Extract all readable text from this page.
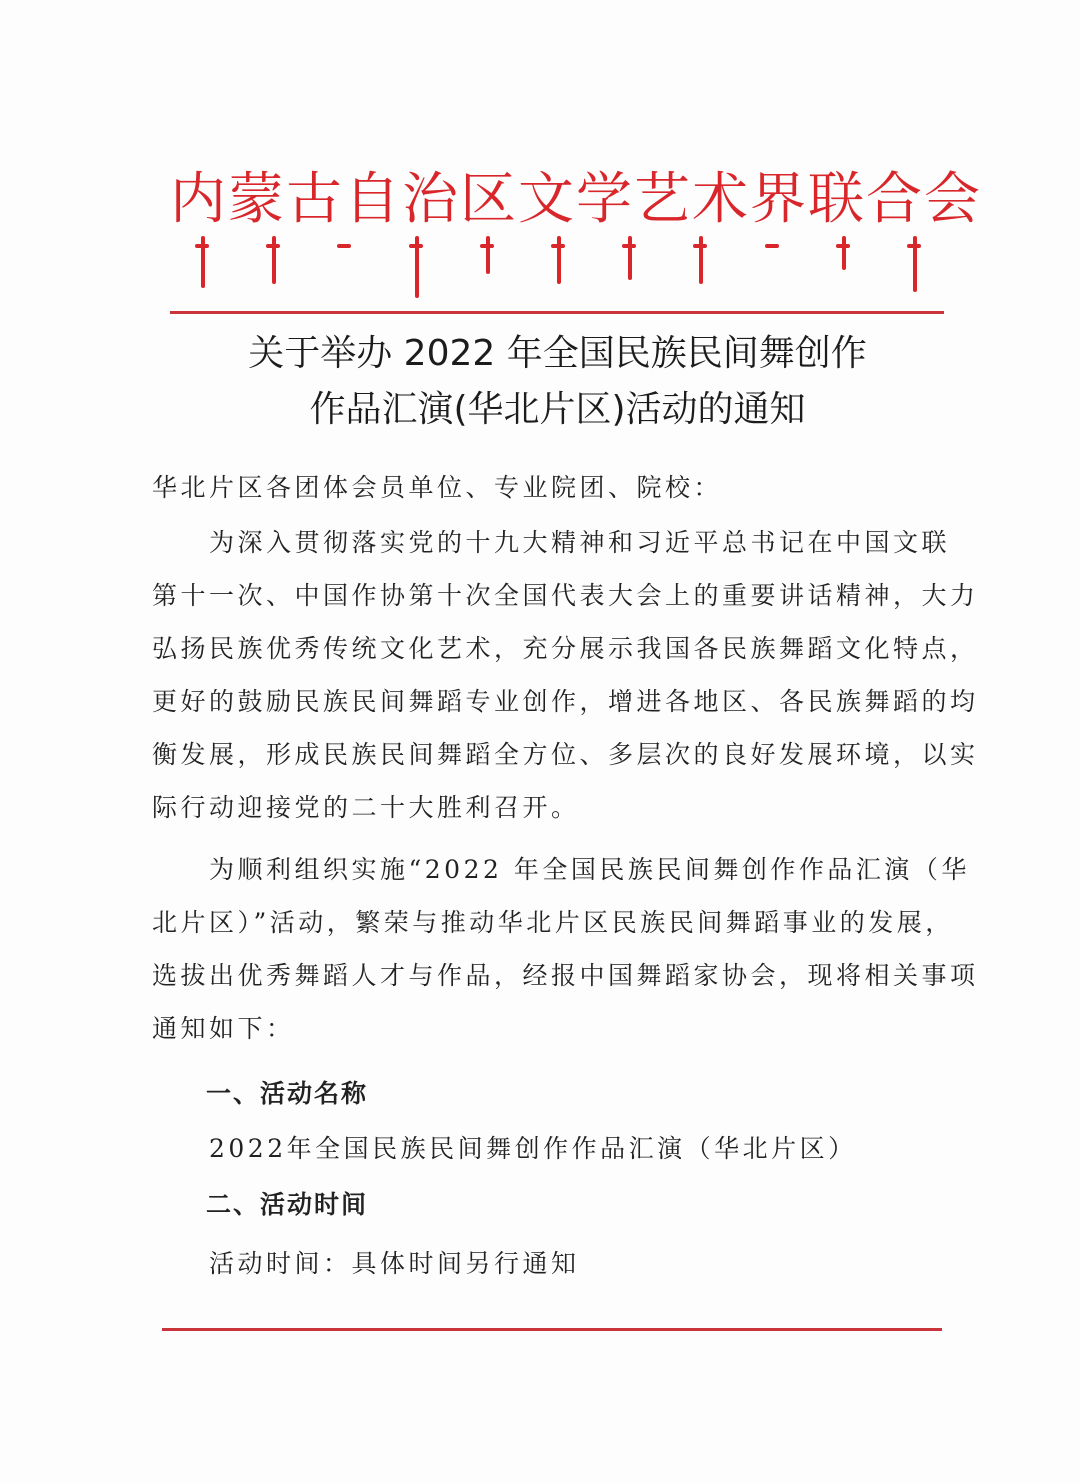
内蒙古自治区文学艺术界联合会
关于举办 2022 年全国民族民间舞创作
作品汇演(华北片区)活动的通知
华北片区各团体会员单位、专业院团、院校：
　　为深入贯彻落实党的十九大精神和习近平总书记在中国文联
第十一次、中国作协第十次全国代表大会上的重要讲话精神，大力
弘扬民族优秀传统文化艺术，充分展示我国各民族舞蹈文化特点，
更好的鼓励民族民间舞蹈专业创作，增进各地区、各民族舞蹈的均
衡发展，形成民族民间舞蹈全方位、多层次的良好发展环境，以实
际行动迎接党的二十大胜利召开。
　　为顺利组织实施“2022 年全国民族民间舞创作作品汇演（华
北片区）”活动，繁荣与推动华北片区民族民间舞蹈事业的发展，
选拔出优秀舞蹈人才与作品，经报中国舞蹈家协会，现将相关事项
通知如下：
　　一、活动名称
　　2022年全国民族民间舞创作作品汇演（华北片区）
　　二、活动时间
　　活动时间：具体时间另行通知
